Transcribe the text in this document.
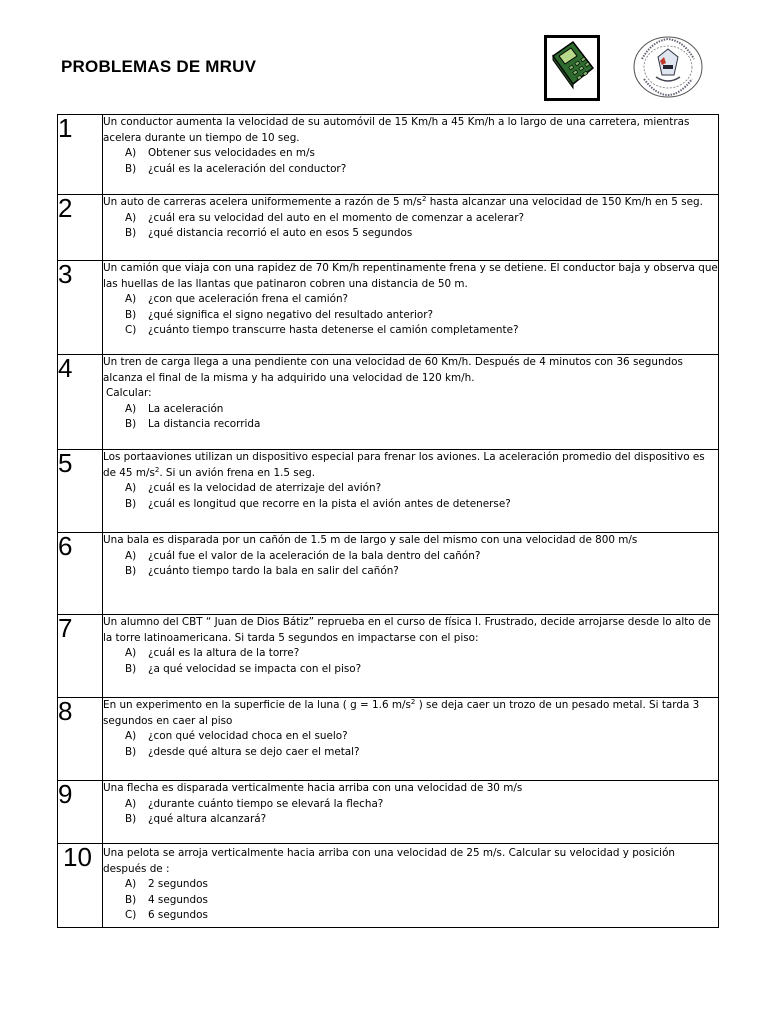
PROBLEMAS DE MRUV
1	Un conductor aumenta la velocidad de su automóvil de 15 Km/h a 45 Km/h a lo largo de una carretera, mientras acelera durante un tiempo de 10 seg.
A) Obtener sus velocidades en m/s
B) ¿cuál es la aceleración del conductor?

2	Un auto de carreras acelera uniformemente a razón de 5 $m/s^2$ hasta alcanzar una velocidad de 150 Km/h en 5 seg.
A) ¿cuál era su velocidad del auto en el momento de comenzar a acelerar?
B) ¿qué distancia recorrió el auto en esos 5 segundos

3	Un camión que viaja con una rapidez de 70 Km/h repentinamente frena y se detiene. El conductor baja y observa que las huellas de las llantas que patinaron cobren una distancia de 50 m.
A) ¿con que aceleración frena el camión?
B) ¿qué significa el signo negativo del resultado anterior?
C) ¿cuánto tiempo transcurre hasta detenerse el camión completamente?

4	Un tren de carga llega a una pendiente con una velocidad de 60 Km/h. Después de 4 minutos con 36 segundos alcanza el final de la misma y ha adquirido una velocidad de 120 km/h.
Calcular:
A) La aceleración
B) La distancia recorrida

5	Los portaaviones utilizan un dispositivo especial para frenar los aviones. La aceleración promedio del dispositivo es de 45 $m/s^2$. Si un avión frena en 1.5 seg.
A) ¿cuál es la velocidad de aterrizaje del avión?
B) ¿cuál es longitud que recorre en la pista el avión antes de detenerse?

6	Una bala es disparada por un cañón de 1.5 m de largo y sale del mismo con una velocidad de 800 m/s
A) ¿cuál fue el valor de la aceleración de la bala dentro del cañón?
B) ¿cuánto tiempo tardo la bala en salir del cañón?

7	Un alumno del CBT “ Juan de Dios Bátiz” reprueba en el curso de física I. Frustrado, decide arrojarse desde lo alto de la torre latinoamericana. Si tarda 5 segundos en impactarse con el piso:
A) ¿cuál es la altura de la torre?
B) ¿a qué velocidad se impacta con el piso?

8	En un experimento en la superficie de la luna ( g = 1.6 $m/s^2$ ) se deja caer un trozo de un pesado metal. Si tarda 3 segundos en caer al piso
A) ¿con qué velocidad choca en el suelo?
B) ¿desde qué altura se dejo caer el metal?

9	Una flecha es disparada verticalmente hacia arriba con una velocidad de 30 m/s
A) ¿durante cuánto tiempo se elevará la flecha?
B) ¿qué altura alcanzará?

10	Una pelota se arroja verticalmente hacia arriba con una velocidad de 25 m/s. Calcular su velocidad y posición después de :
A) 2 segundos
B) 4 segundos
C) 6 segundos
